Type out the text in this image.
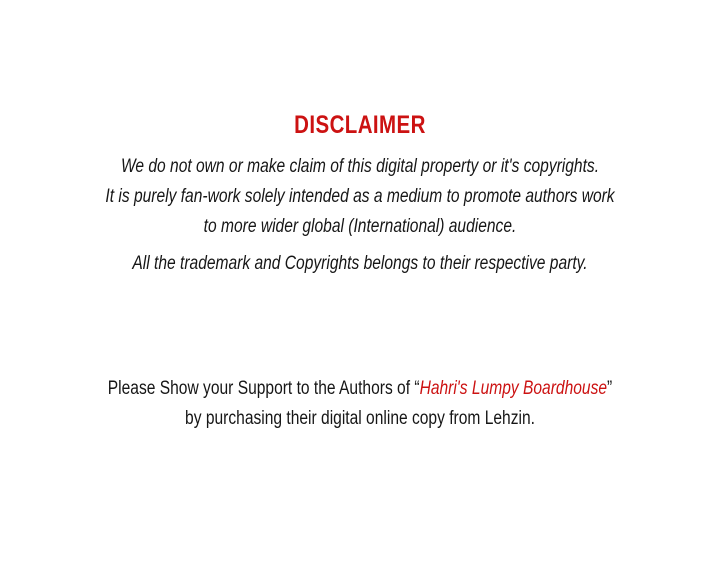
DISCLAIMER
We do not own or make claim of this digital property or it's copyrights.
It is purely fan-work solely intended as a medium to promote authors work
to more wider global (International) audience.
All the trademark and Copyrights belongs to their respective party.
Please Show your Support to the Authors of “Hahri's Lumpy Boardhouse”
by purchasing their digital online copy from Lehzin.
